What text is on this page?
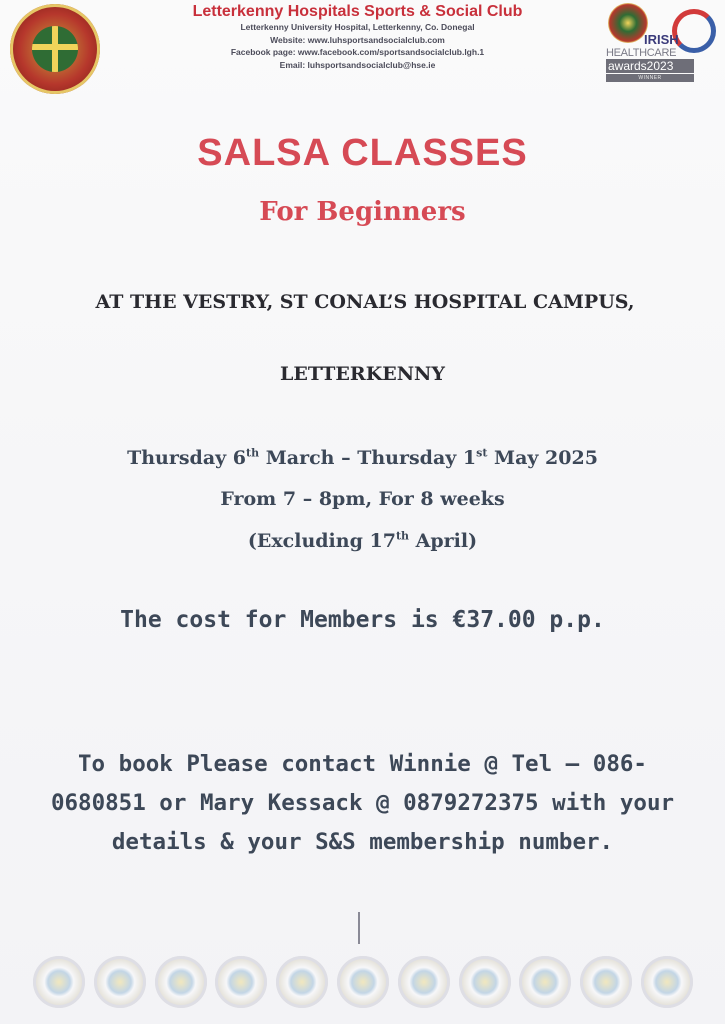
Letterkenny Hospitals Sports & Social Club

Letterkenny University Hospital, Letterkenny, Co. Donegal

Website: www.luhsportsandsocialclub.com

Facebook page: www.facebook.com/sportsandsocialclub.lgh.1

Email: luhsportsandsocialclub@hse.ie

IRISH
HEALTHCARE
awards2023
WINNER

SALSA CLASSES

For Beginners

AT THE VESTRY, ST CONAL’S HOSPITAL CAMPUS,

LETTERKENNY

Thursday 6th March – Thursday 1st May 2025

From 7 – 8pm, For 8 weeks

(Excluding 17th April)

The cost for Members is €37.00 p.p.

To book Please contact Winnie @ Tel – 086-0680851 or Mary Kessack @ 0879272375 with your details & your S&S membership number.
